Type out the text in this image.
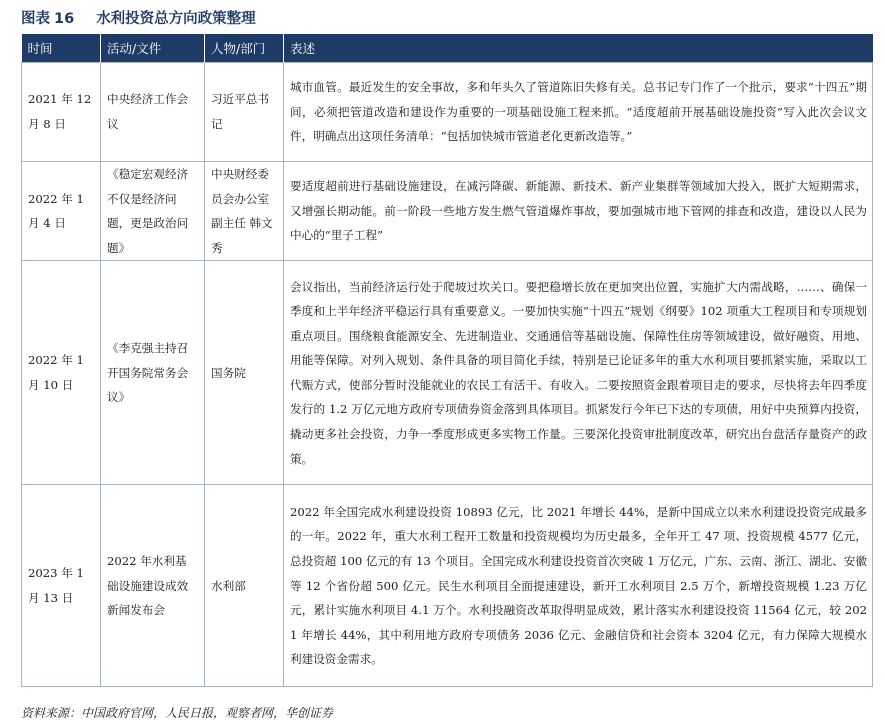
图表 16 水利投资总方向政策整理
时间	活动/文件	人物/部门	表述
2021 年 12 月 8 日	中央经济工作会议	习近平总书记	城市血管。最近发生的安全事故，多和年头久了管道陈旧失修有关。总书记专门作了一个批示，要求“十四五”期间，必须把管道改造和建设作为重要的一项基础设施工程来抓。“适度超前开展基础设施投资”写入此次会议文件，明确点出这项任务清单：“包括加快城市管道老化更新改造等。”
2022 年 1 月 4 日	《稳定宏观经济不仅是经济问题，更是政治问题》	中央财经委员会办公室副主任 韩文秀	要适度超前进行基础设施建设，在减污降碳、新能源、新技术、新产业集群等领域加大投入，既扩大短期需求，又增强长期动能。前一阶段一些地方发生燃气管道爆炸事故，要加强城市地下管网的排查和改造，建设以人民为中心的“里子工程”
2022 年 1 月 10 日	《李克强主持召开国务院常务会议》	国务院	会议指出，当前经济运行处于爬坡过坎关口。要把稳增长放在更加突出位置，实施扩大内需战略，……、确保一季度和上半年经济平稳运行具有重要意义。一要加快实施“十四五”规划《纲要》102 项重大工程项目和专项规划重点项目。围绕粮食能源安全、先进制造业、交通通信等基础设施、保障性住房等领域建设，做好融资、用地、用能等保障。对列入规划、条件具备的项目简化手续，特别是已论证多年的重大水利项目要抓紧实施，采取以工代赈方式，使部分暂时没能就业的农民工有活干、有收入。二要按照资金跟着项目走的要求，尽快将去年四季度发行的 1.2 万亿元地方政府专项债券资金落到具体项目。抓紧发行今年已下达的专项债，用好中央预算内投资，撬动更多社会投资，力争一季度形成更多实物工作量。三要深化投资审批制度改革，研究出台盘活存量资产的政策。
2023 年 1 月 13 日	2022 年水利基础设施建设成效新闻发布会	水利部	2022 年全国完成水利建设投资 10893 亿元，比 2021 年增长 44%，是新中国成立以来水利建设投资完成最多的一年。2022 年，重大水利工程开工数量和投资规模均为历史最多，全年开工 47 项、投资规模 4577 亿元，总投资超 100 亿元的有 13 个项目。全国完成水利建设投资首次突破 1 万亿元，广东、云南、浙江、湖北、安徽等 12 个省份超 500 亿元。民生水利项目全面提速建设，新开工水利项目 2.5 万个，新增投资规模 1.23 万亿元，累计实施水利项目 4.1 万个。水利投融资改革取得明显成效，累计落实水利建设投资 11564 亿元，较 2021 年增长 44%，其中利用地方政府专项债务 2036 亿元、金融信贷和社会资本 3204 亿元，有力保障大规模水利建设资金需求。
资料来源：中国政府官网，人民日报，观察者网，华创证券
